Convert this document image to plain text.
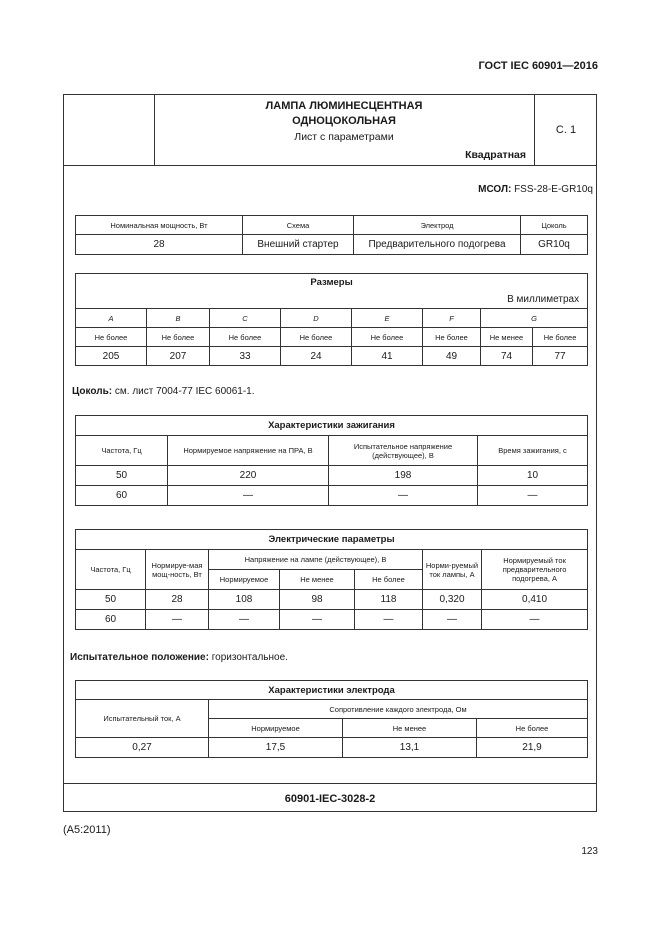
ГОСТ IEC 60901—2016
ЛАМПА ЛЮМИНЕСЦЕНТНАЯ
ОДНОЦОКОЛЬНАЯ
Лист с параметрами
Квадратная
С. 1
60901-IEC-3028-2
МСОЛ: FSS-28-E-GR10q
Номинальная мощность, Вт	Схема	Электрод	Цоколь
28	Внешний стартер	Предварительного подогрева	GR10q
Размеры							
В миллиметрах							
A	B	C	D	E	F	G	
Не более	Не более	Не более	Не более	Не более	Не более	Не менее	Не более
205	207	33	24	41	49	74	77
Цоколь: см. лист 7004-77 IEC 60061-1.
Характеристики зажигания			
Частота, Гц	Нормируемое напряжение на ПРА, В	Испытательное напряжение (действующее), В	Время зажигания, с
50	220	198	10
60	—	—	—
Электрические параметры						
Частота, Гц	Нормируе-мая мощ-ность, Вт	Напряжение на лампе (действующее), В			Норми-руемый ток лампы, А	Нормируемый ток предварительного подогрева, А
		Нормируемое	Не менее	Не более		
50	28	108	98	118	0,320	0,410
60	—	—	—	—	—	—
Испытательное положение: горизонтальное.
Характеристики электрода			
Испытательный ток, А	Сопротивление каждого электрода, Ом		
	Нормируемое	Не менее	Не более
0,27	17,5	13,1	21,9
(A5:2011)
123
